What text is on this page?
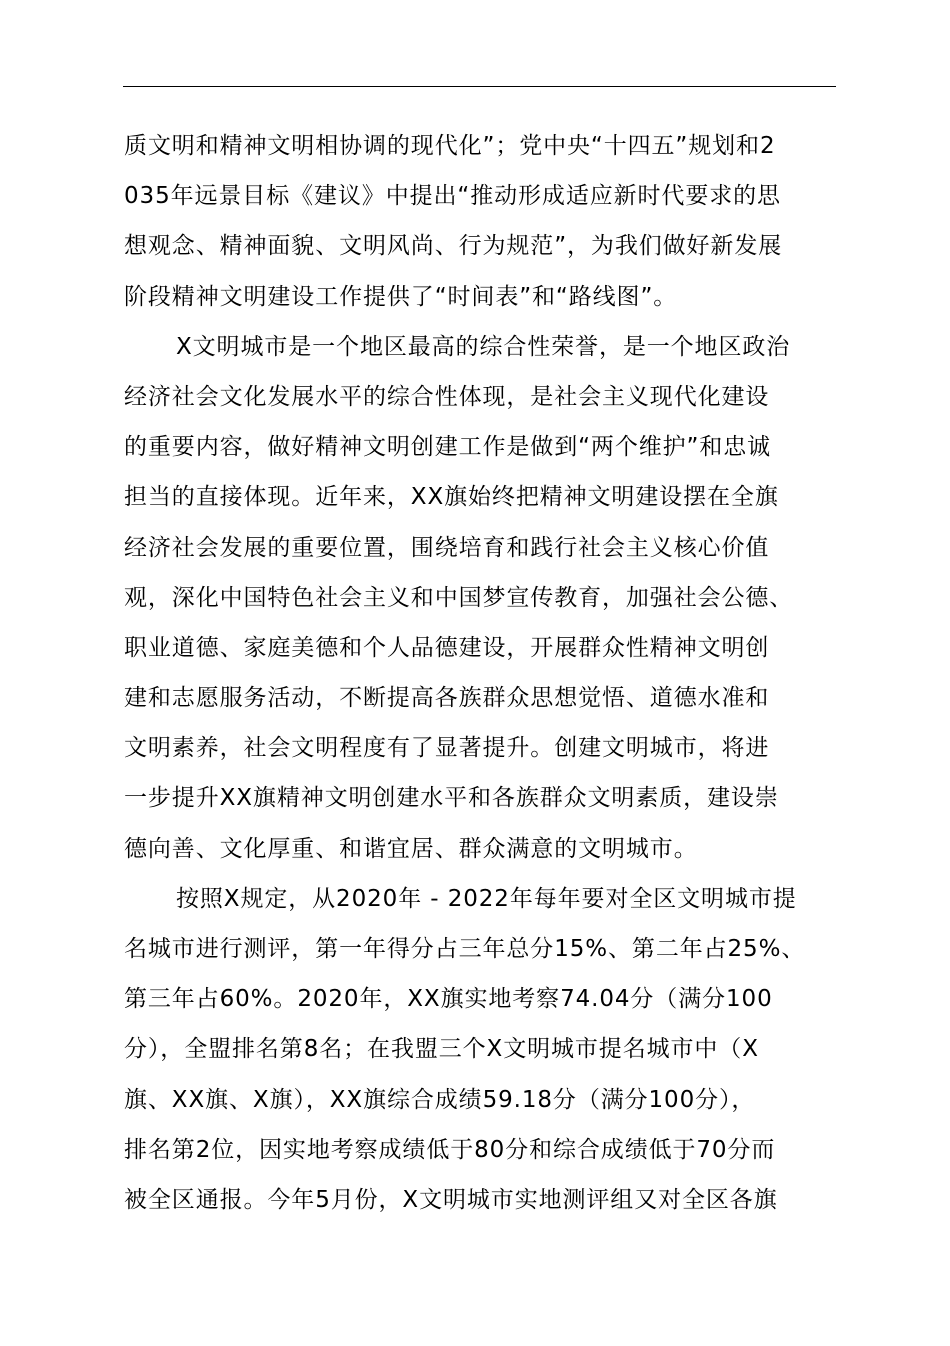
质文明和精神文明相协调的现代化”；党中央“十四五”规划和2
035年远景目标《建议》中提出“推动形成适应新时代要求的思
想观念、精神面貌、文明风尚、行为规范”，为我们做好新发展
阶段精神文明建设工作提供了“时间表”和“路线图”。
X文明城市是一个地区最高的综合性荣誉，是一个地区政治
经济社会文化发展水平的综合性体现，是社会主义现代化建设
的重要内容，做好精神文明创建工作是做到“两个维护”和忠诚
担当的直接体现。近年来，XX旗始终把精神文明建设摆在全旗
经济社会发展的重要位置，围绕培育和践行社会主义核心价值
观，深化中国特色社会主义和中国梦宣传教育，加强社会公德、
职业道德、家庭美德和个人品德建设，开展群众性精神文明创
建和志愿服务活动，不断提高各族群众思想觉悟、道德水准和
文明素养，社会文明程度有了显著提升。创建文明城市，将进
一步提升XX旗精神文明创建水平和各族群众文明素质，建设崇
德向善、文化厚重、和谐宜居、群众满意的文明城市。
按照X规定，从2020年 - 2022年每年要对全区文明城市提
名城市进行测评，第一年得分占三年总分15%、第二年占25%、
第三年占60%。2020年，XX旗实地考察74.04分（满分100
分），全盟排名第8名；在我盟三个X文明城市提名城市中（X
旗、XX旗、X旗），XX旗综合成绩59.18分（满分100分），
排名第2位，因实地考察成绩低于80分和综合成绩低于70分而
被全区通报。今年5月份，X文明城市实地测评组又对全区各旗
